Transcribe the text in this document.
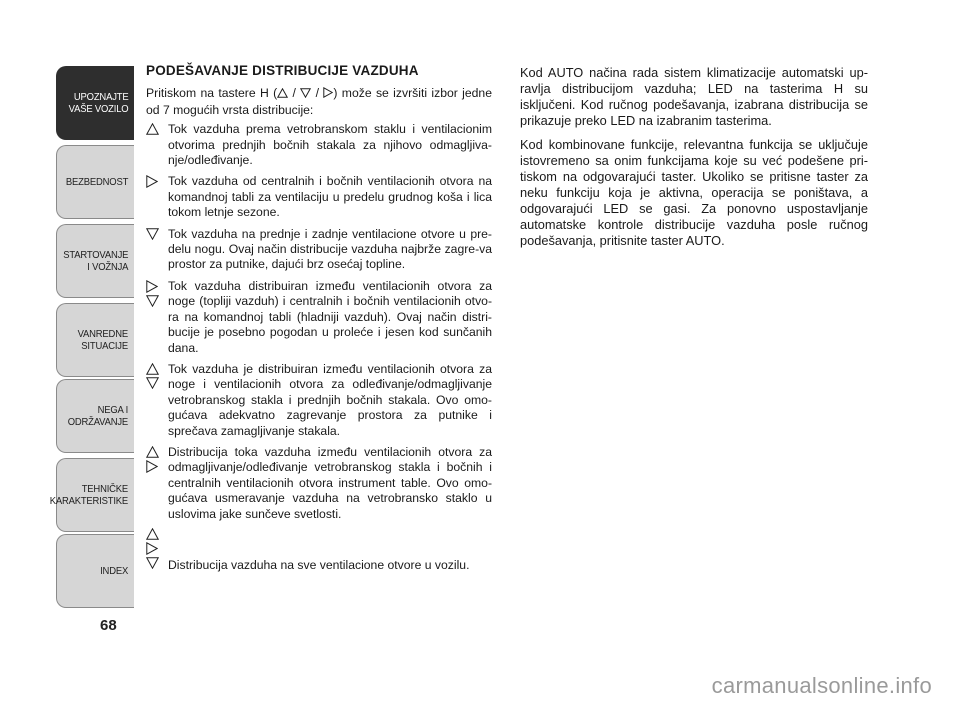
UPOZNAJTE
VAŠE VOZILO
BEZBEDNOST
STARTOVANJE
I VOŽNJA
VANREDNE
SITUACIJE
NEGA I
ODRŽAVANJE
TEHNIČKE
KARAKTERISTIKE
INDEX
68
PODEŠAVANJE DISTRIBUCIJE VAZDUHA
Pritiskom na tastere H ( /  / ) može se izvršiti izbor jedne od 7 mogućih vrsta distribucije:
Tok vazduha prema vetrobranskom staklu i ventilacionim otvorima prednjih bočnih stakala za njihovo odmagljiva-nje/odleđivanje.
Tok vazduha od centralnih i bočnih ventilacionih otvora na komandnoj tabli za ventilaciju u predelu grudnog koša i lica tokom letnje sezone.
Tok vazduha na prednje i zadnje ventilacione otvore u pre-delu nogu. Ovaj način distribucije vazduha najbrže zagre-va prostor za putnike, dajući brz osećaj topline.
Tok vazduha distribuiran između ventilacionih otvora za noge (topliji vazduh) i centralnih i bočnih ventilacionih otvo-ra na komandnoj tabli (hladniji vazduh). Ovaj način distri-bucije je posebno pogodan u proleće i jesen kod sunčanih dana.
Tok vazduha je distribuiran između ventilacionih otvora za noge i ventilacionih otvora za odleđivanje/odmagljivanje vetrobranskog stakla i prednjih bočnih stakala. Ovo omo-gućava adekvatno zagrevanje prostora za putnike i sprečava zamagljivanje stakala.
Distribucija toka vazduha između ventilacionih otvora za odmagljivanje/odleđivanje vetrobranskog stakla i bočnih i centralnih ventilacionih otvora instrument table. Ovo omo-gućava usmeravanje vazduha na vetrobransko staklo u uslovima jake sunčeve svetlosti.
Distribucija vazduha na sve ventilacione otvore u vozilu.
Kod AUTO načina rada sistem klimatizacije automatski up-ravlja distribucijom vazduha; LED na tasterima H su isključeni. Kod ručnog podešavanja, izabrana distribucija se prikazuje preko LED na izabranim tasterima.
Kod kombinovane funkcije, relevantna funkcija se uključuje istovremeno sa onim funkcijama koje su već podešene pri-tiskom na odgovarajući taster. Ukoliko se pritisne taster za neku funkciju koja je aktivna, operacija se poništava, a odgovarajući LED se gasi. Za ponovno uspostavljanje automatske kontrole distribucije vazduha posle ručnog podešavanja, pritisnite taster AUTO.
carmanualsonline.info
